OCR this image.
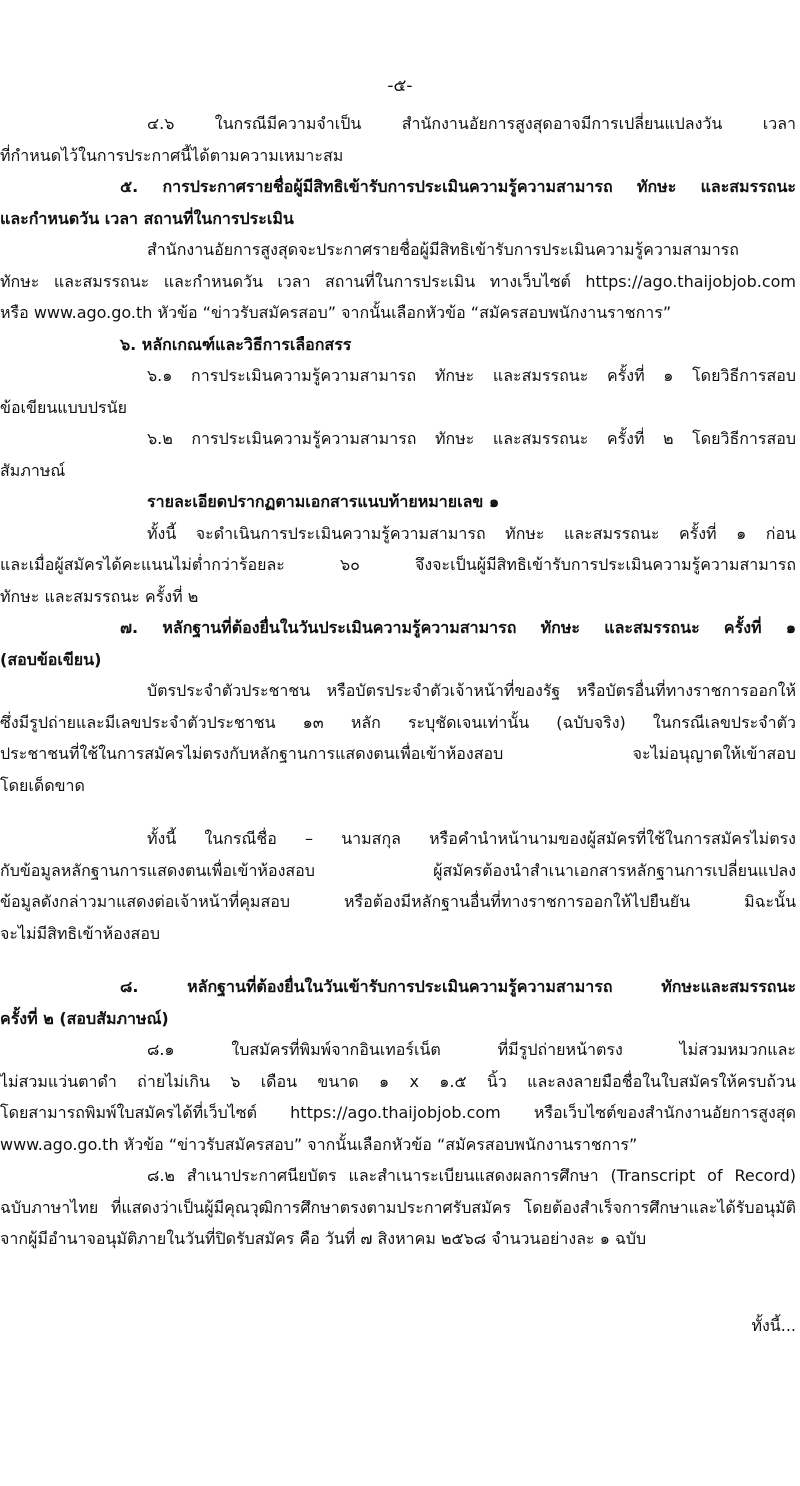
-๕-
๔.๖ ในกรณีมีความจำเป็น สำนักงานอัยการสูงสุดอาจมีการเปลี่ยนแปลงวัน เวลา
ที่กำหนดไว้ในการประกาศนี้ได้ตามความเหมาะสม
๕. การประกาศรายชื่อผู้มีสิทธิเข้ารับการประเมินความรู้ความสามารถ ทักษะ และสมรรถนะ
และกำหนดวัน เวลา สถานที่ในการประเมิน
สำนักงานอัยการสูงสุดจะประกาศรายชื่อผู้มีสิทธิเข้ารับการประเมินความรู้ความสามารถ
ทักษะ และสมรรถนะ และกำหนดวัน เวลา สถานที่ในการประเมิน ทางเว็บไซต์ https://ago.thaijobjob.com
หรือ www.ago.go.th หัวข้อ “ข่าวรับสมัครสอบ” จากนั้นเลือกหัวข้อ “สมัครสอบพนักงานราชการ”
๖. หลักเกณฑ์และวิธีการเลือกสรร
๖.๑ การประเมินความรู้ความสามารถ ทักษะ และสมรรถนะ ครั้งที่ ๑ โดยวิธีการสอบ
ข้อเขียนแบบปรนัย
๖.๒ การประเมินความรู้ความสามารถ ทักษะ และสมรรถนะ ครั้งที่ ๒ โดยวิธีการสอบ
สัมภาษณ์
รายละเอียดปรากฏตามเอกสารแนบท้ายหมายเลข ๑
ทั้งนี้ จะดำเนินการประเมินความรู้ความสามารถ ทักษะ และสมรรถนะ ครั้งที่ ๑ ก่อน
และเมื่อผู้สมัครได้คะแนนไม่ต่ำกว่าร้อยละ ๖๐ จึงจะเป็นผู้มีสิทธิเข้ารับการประเมินความรู้ความสามารถ
ทักษะ และสมรรถนะ ครั้งที่ ๒
๗. หลักฐานที่ต้องยื่นในวันประเมินความรู้ความสามารถ ทักษะ และสมรรถนะ ครั้งที่ ๑
(สอบข้อเขียน)
บัตรประจำตัวประชาชน หรือบัตรประจำตัวเจ้าหน้าที่ของรัฐ หรือบัตรอื่นที่ทางราชการออกให้
ซึ่งมีรูปถ่ายและมีเลขประจำตัวประชาชน ๑๓ หลัก ระบุชัดเจนเท่านั้น (ฉบับจริง) ในกรณีเลขประจำตัว
ประชาชนที่ใช้ในการสมัครไม่ตรงกับหลักฐานการแสดงตนเพื่อเข้าห้องสอบ จะไม่อนุญาตให้เข้าสอบ
โดยเด็ดขาด
ทั้งนี้ ในกรณีชื่อ – นามสกุล หรือคำนำหน้านามของผู้สมัครที่ใช้ในการสมัครไม่ตรง
กับข้อมูลหลักฐานการแสดงตนเพื่อเข้าห้องสอบ ผู้สมัครต้องนำสำเนาเอกสารหลักฐานการเปลี่ยนแปลง
ข้อมูลดังกล่าวมาแสดงต่อเจ้าหน้าที่คุมสอบ หรือต้องมีหลักฐานอื่นที่ทางราชการออกให้ไปยืนยัน มิฉะนั้น
จะไม่มีสิทธิเข้าห้องสอบ
๘. หลักฐานที่ต้องยื่นในวันเข้ารับการประเมินความรู้ความสามารถ ทักษะและสมรรถนะ
ครั้งที่ ๒ (สอบสัมภาษณ์)
๘.๑ ใบสมัครที่พิมพ์จากอินเทอร์เน็ต ที่มีรูปถ่ายหน้าตรง ไม่สวมหมวกและ
ไม่สวมแว่นตาดำ ถ่ายไม่เกิน ๖ เดือน ขนาด ๑ x ๑.๕ นิ้ว และลงลายมือชื่อในใบสมัครให้ครบถ้วน
โดยสามารถพิมพ์ใบสมัครได้ที่เว็บไซต์ https://ago.thaijobjob.com หรือเว็บไซต์ของสำนักงานอัยการสูงสุด
www.ago.go.th หัวข้อ “ข่าวรับสมัครสอบ” จากนั้นเลือกหัวข้อ “สมัครสอบพนักงานราชการ”
๘.๒ สำเนาประกาศนียบัตร และสำเนาระเบียนแสดงผลการศึกษา (Transcript of Record)
ฉบับภาษาไทย ที่แสดงว่าเป็นผู้มีคุณวุฒิการศึกษาตรงตามประกาศรับสมัคร โดยต้องสำเร็จการศึกษาและได้รับอนุมัติ
จากผู้มีอำนาจอนุมัติภายในวันที่ปิดรับสมัคร คือ วันที่ ๗ สิงหาคม ๒๕๖๘ จำนวนอย่างละ ๑ ฉบับ
ทั้งนี้...
